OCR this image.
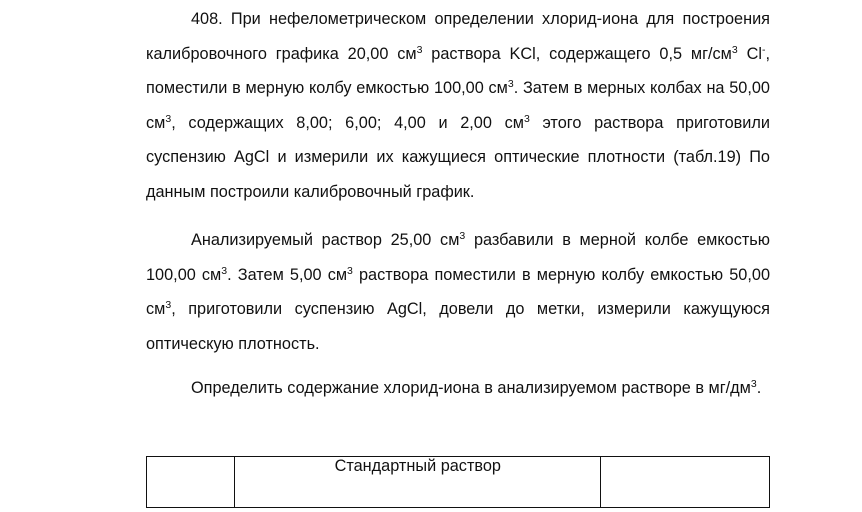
408. При нефелометрическом определении хлорид-иона для построения калибровочного графика 20,00 $см^3$ раствора KCl, содержащего 0,5 $мг/см^3$ Cl-, поместили в мерную колбу емкостью 100,00 $см^3$. Затем в мерных колбах на 50,00 $см^3$, содержащих 8,00; 6,00; 4,00 и 2,00 $см^3$ этого раствора приготовили суспензию AgCl и измерили их кажущиеся оптические плотности (табл.19) По данным построили калибровочный график.

Анализируемый раствор 25,00 $см^3$ разбавили в мерной колбе емкостью 100,00 $см^3$. Затем 5,00 $см^3$ раствора поместили в мерную колбу емкостью 50,00 $см^3$, приготовили суспензию AgCl, довели до метки, измерили кажущуюся оптическую плотность.

Определить содержание хлорид-иона в анализируемом растворе в $мг/дм^3$.

	Стандартный раствор	
